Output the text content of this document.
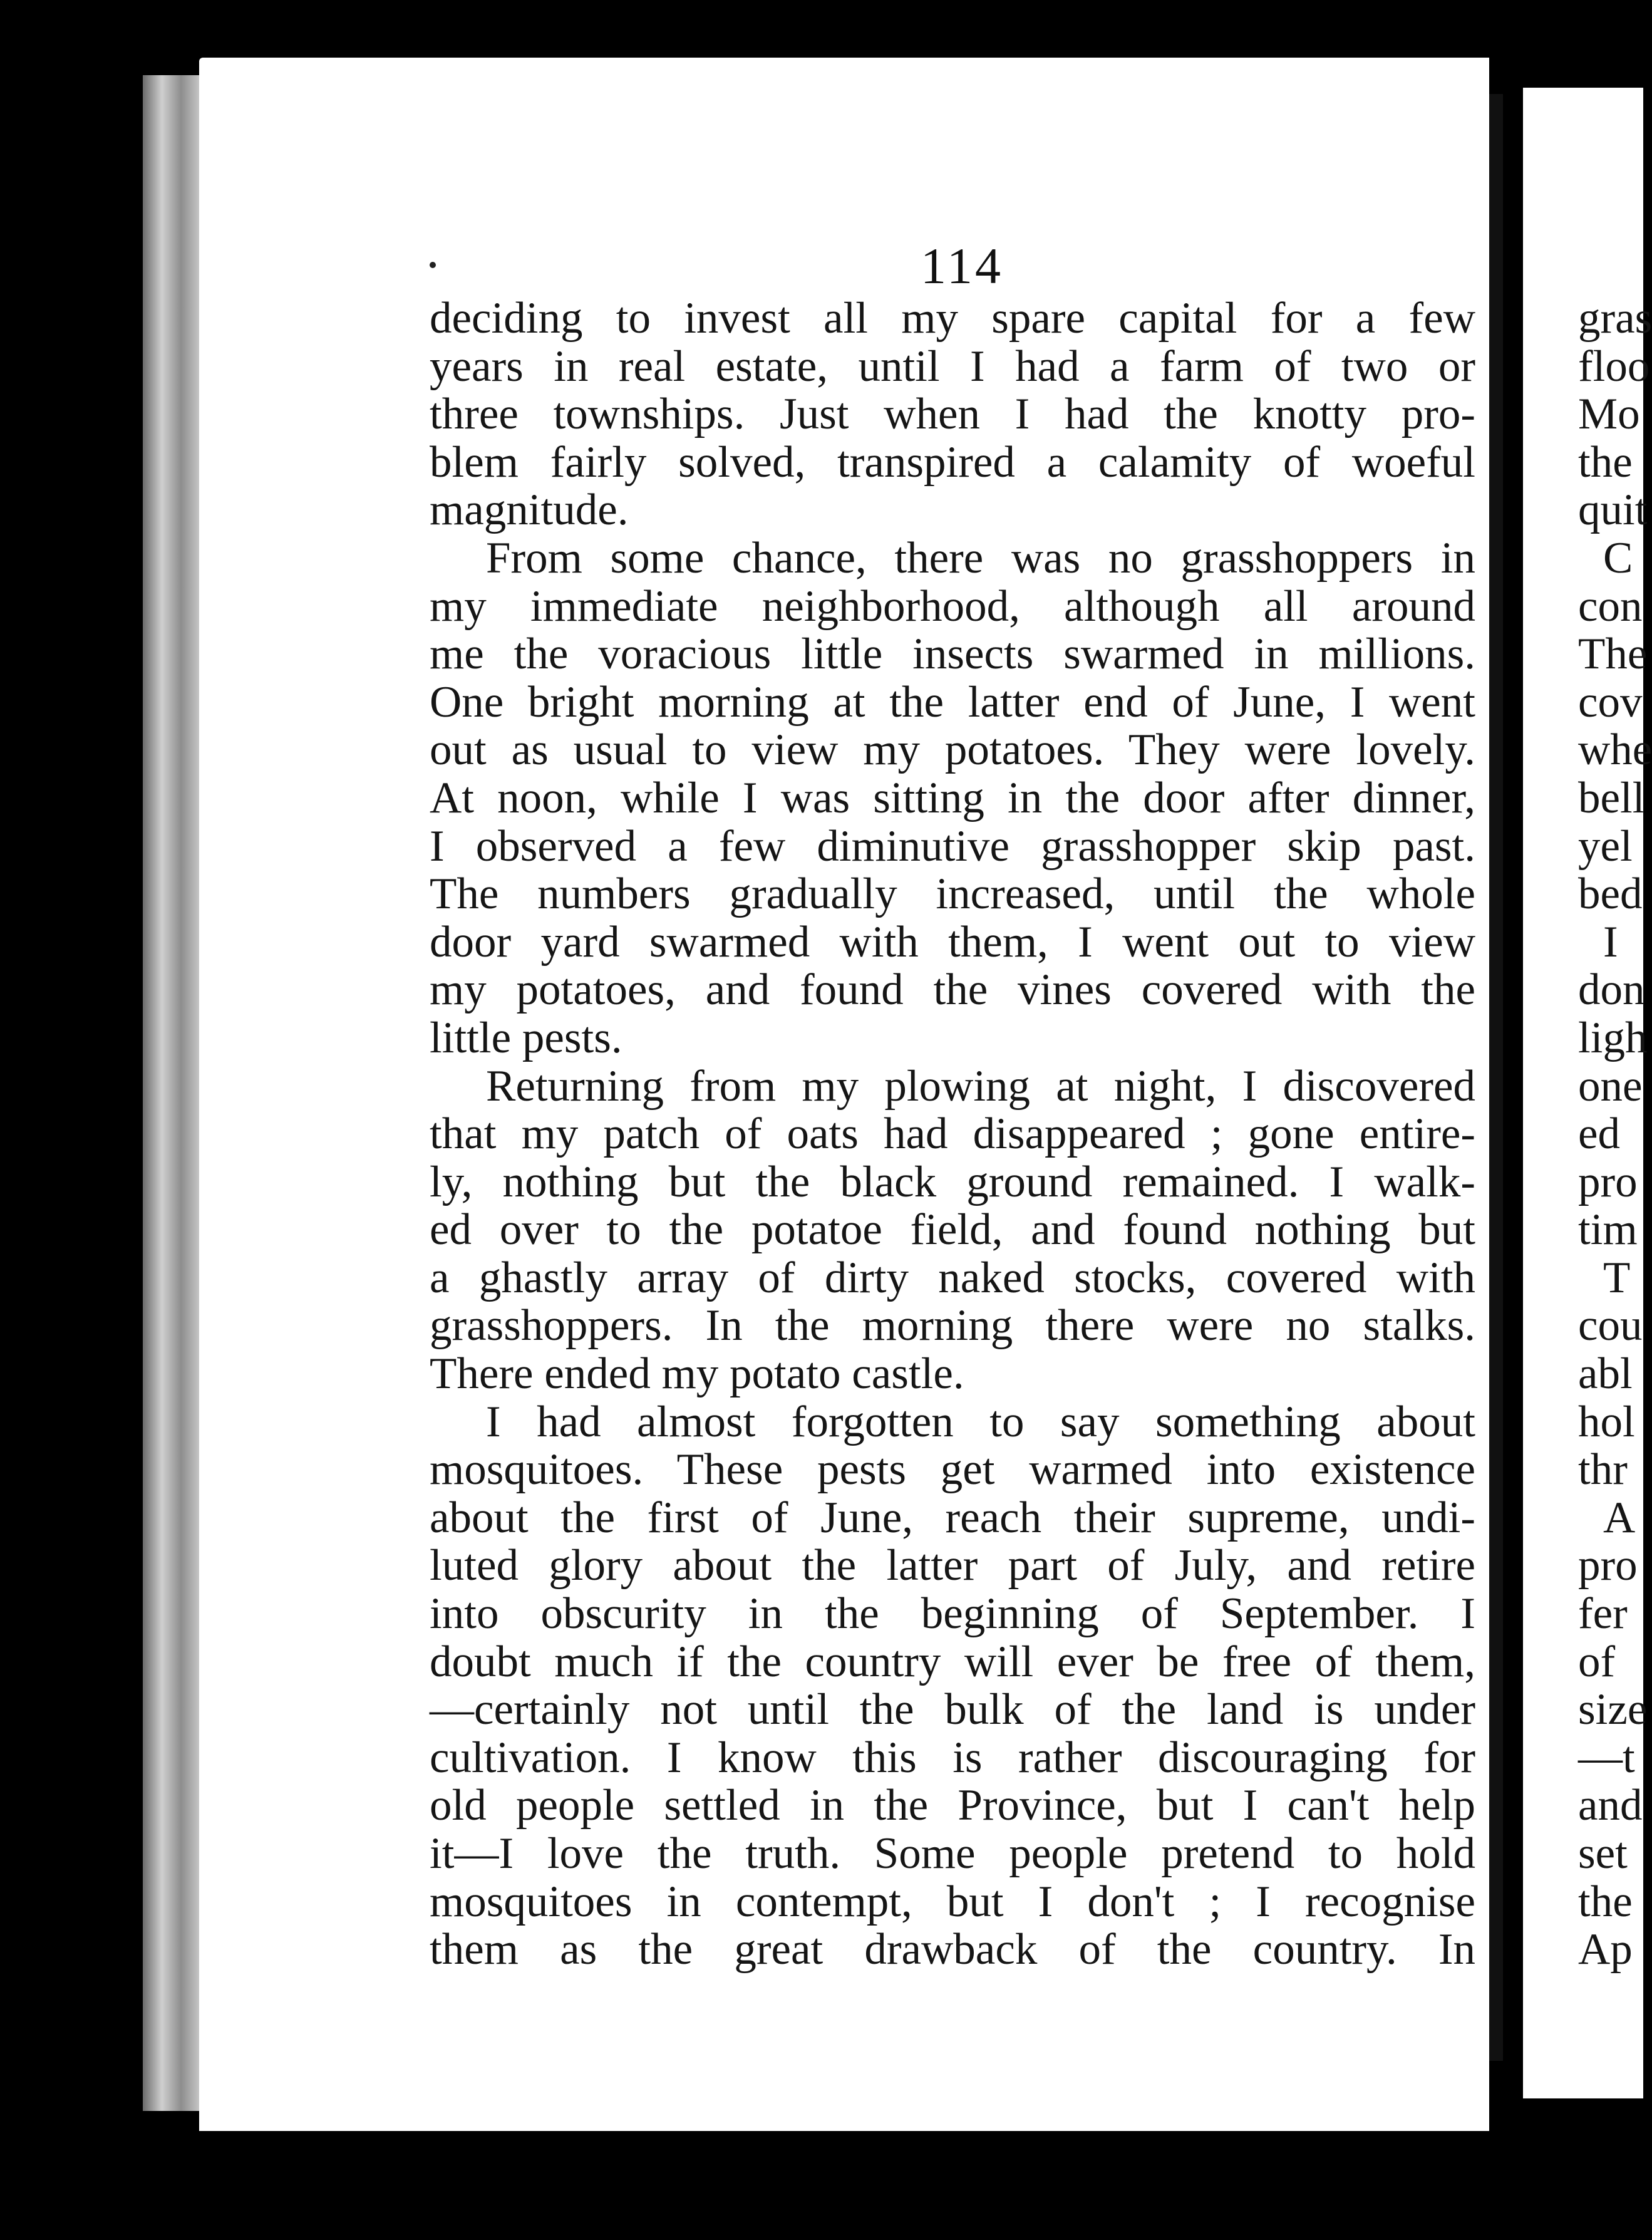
114
deciding to invest all my spare capital for a few
years in real estate, until I had a farm of two or
three townships. Just when I had the knotty pro-
blem fairly solved, transpired a calamity of woeful
magnitude.
From some chance, there was no grasshoppers in
my immediate neighborhood, although all around
me the voracious little insects swarmed in millions.
One bright morning at the latter end of June, I went
out as usual to view my potatoes. They were lovely.
At noon, while I was sitting in the door after dinner,
I observed a few diminutive grasshopper skip past.
The numbers gradually increased, until the whole
door yard swarmed with them, I went out to view
my potatoes, and found the vines covered with the
little pests.
Returning from my plowing at night, I discovered
that my patch of oats had disappeared ; gone entire-
ly, nothing but the black ground remained. I walk-
ed over to the potatoe field, and found nothing but
a ghastly array of dirty naked stocks, covered with
grasshoppers. In the morning there were no stalks.
There ended my potato castle.
I had almost forgotten to say something about
mosquitoes. These pests get warmed into existence
about the first of June, reach their supreme, undi-
luted glory about the latter part of July, and retire
into obscurity in the beginning of September. I
doubt much if the country will ever be free of them,
—certainly not until the bulk of the land is under
cultivation. I know this is rather discouraging for
old people settled in the Province, but I can't help
it—I love the truth. Some people pretend to hold
mosquitoes in contempt, but I don't ; I recognise
them as the great drawback of the country. In
gras
floo
Mo
the
quit
C
con
The
cov
whe
bell
yel
bed
I
don
ligh
one
ed
pro
tim
T
cou
abl
hol
thr
A
pro
fer
of
size
—t
and
set
the
Ap
